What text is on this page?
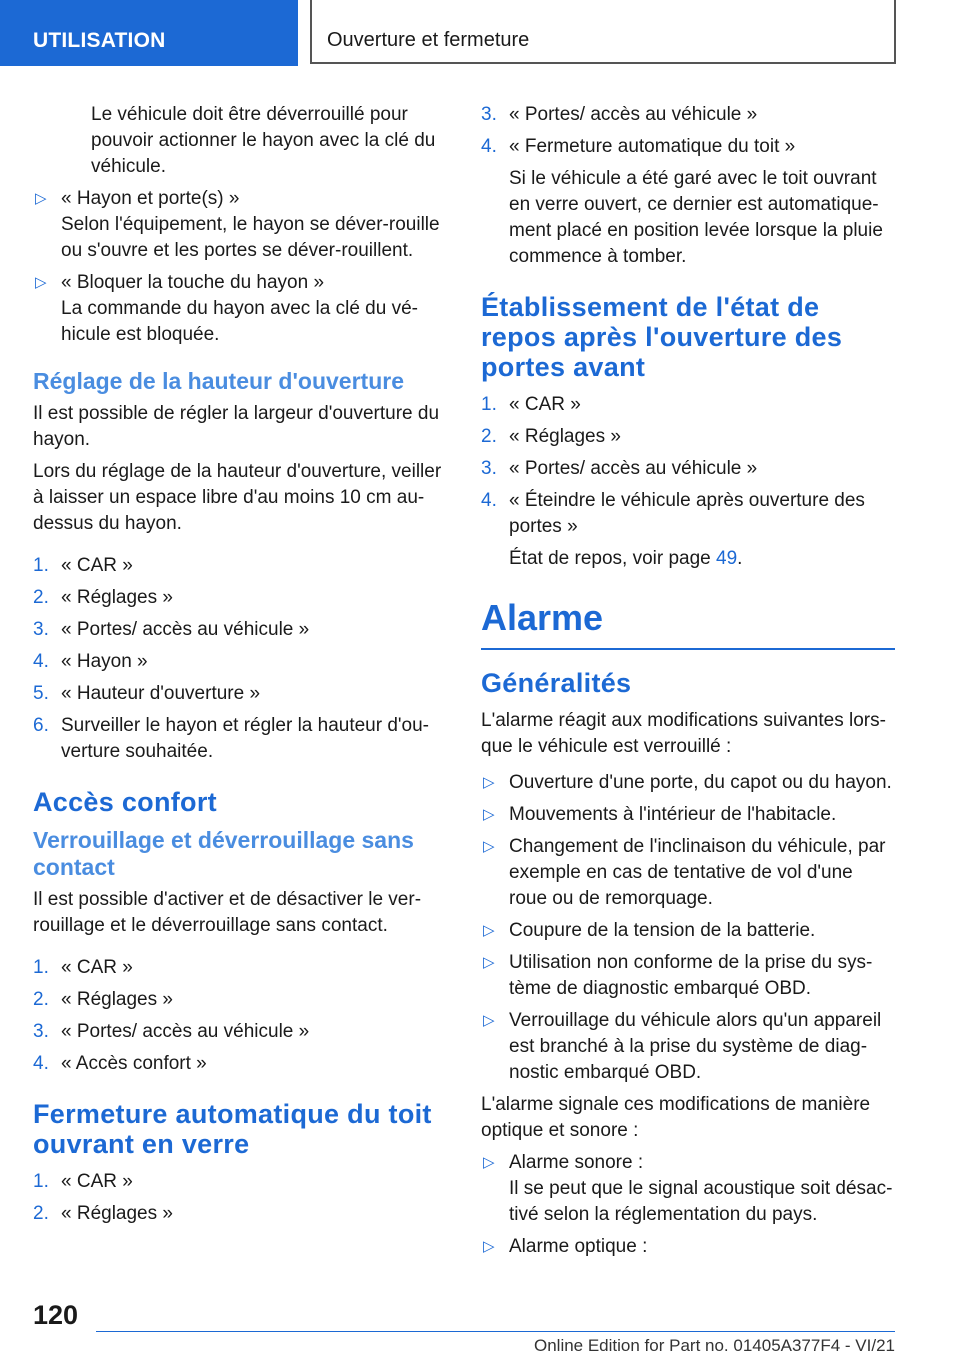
UTILISATION	Ouverture et fermeture

Le véhicule doit être déverrouillé pour pouvoir actionner le hayon avec la clé du véhicule.

▷ « Hayon et porte(s) »
Selon l'équipement, le hayon se déver-rouille ou s'ouvre et les portes se déver-rouillent.
▷ « Bloquer la touche du hayon »
La commande du hayon avec la clé du vé-hicule est bloquée.
Réglage de la hauteur d'ouverture

Il est possible de régler la largeur d'ouverture du hayon.

Lors du réglage de la hauteur d'ouverture, veiller à laisser un espace libre d'au moins 10 cm au-dessus du hayon.

1. « CAR »
2. « Réglages »
3. « Portes/ accès au véhicule »
4. « Hayon »
5. « Hauteur d'ouverture »
6. Surveiller le hayon et régler la hauteur d'ou-verture souhaitée.
Accès confort
Verrouillage et déverrouillage sans contact

Il est possible d'activer et de désactiver le ver-rouillage et le déverrouillage sans contact.

1. « CAR »
2. « Réglages »
3. « Portes/ accès au véhicule »
4. « Accès confort »
Fermeture automatique du toit ouvrant en verre
1. « CAR »
2. « Réglages »
3. « Portes/ accès au véhicule »
4. « Fermeture automatique du toit »

Si le véhicule a été garé avec le toit ouvrant en verre ouvert, ce dernier est automatique-ment placé en position levée lorsque la pluie commence à tomber.

Établissement de l'état de repos après l'ouverture des portes avant
1. « CAR »
2. « Réglages »
3. « Portes/ accès au véhicule »
4. « Éteindre le véhicule après ouverture des portes »

État de repos, voir page 49.

Alarme
Généralités

L'alarme réagit aux modifications suivantes lors-que le véhicule est verrouillé :

▷ Ouverture d'une porte, du capot ou du hayon.
▷ Mouvements à l'intérieur de l'habitacle.
▷ Changement de l'inclinaison du véhicule, par exemple en cas de tentative de vol d'une roue ou de remorquage.
▷ Coupure de la tension de la batterie.
▷ Utilisation non conforme de la prise du sys-tème de diagnostic embarqué OBD.
▷ Verrouillage du véhicule alors qu'un appareil est branché à la prise du système de diag-nostic embarqué OBD.

L'alarme signale ces modifications de manière optique et sonore :

▷ Alarme sonore :
Il se peut que le signal acoustique soit désac-tivé selon la réglementation du pays.
▷ Alarme optique :
120
Online Edition for Part no. 01405A377F4 - VI/21
